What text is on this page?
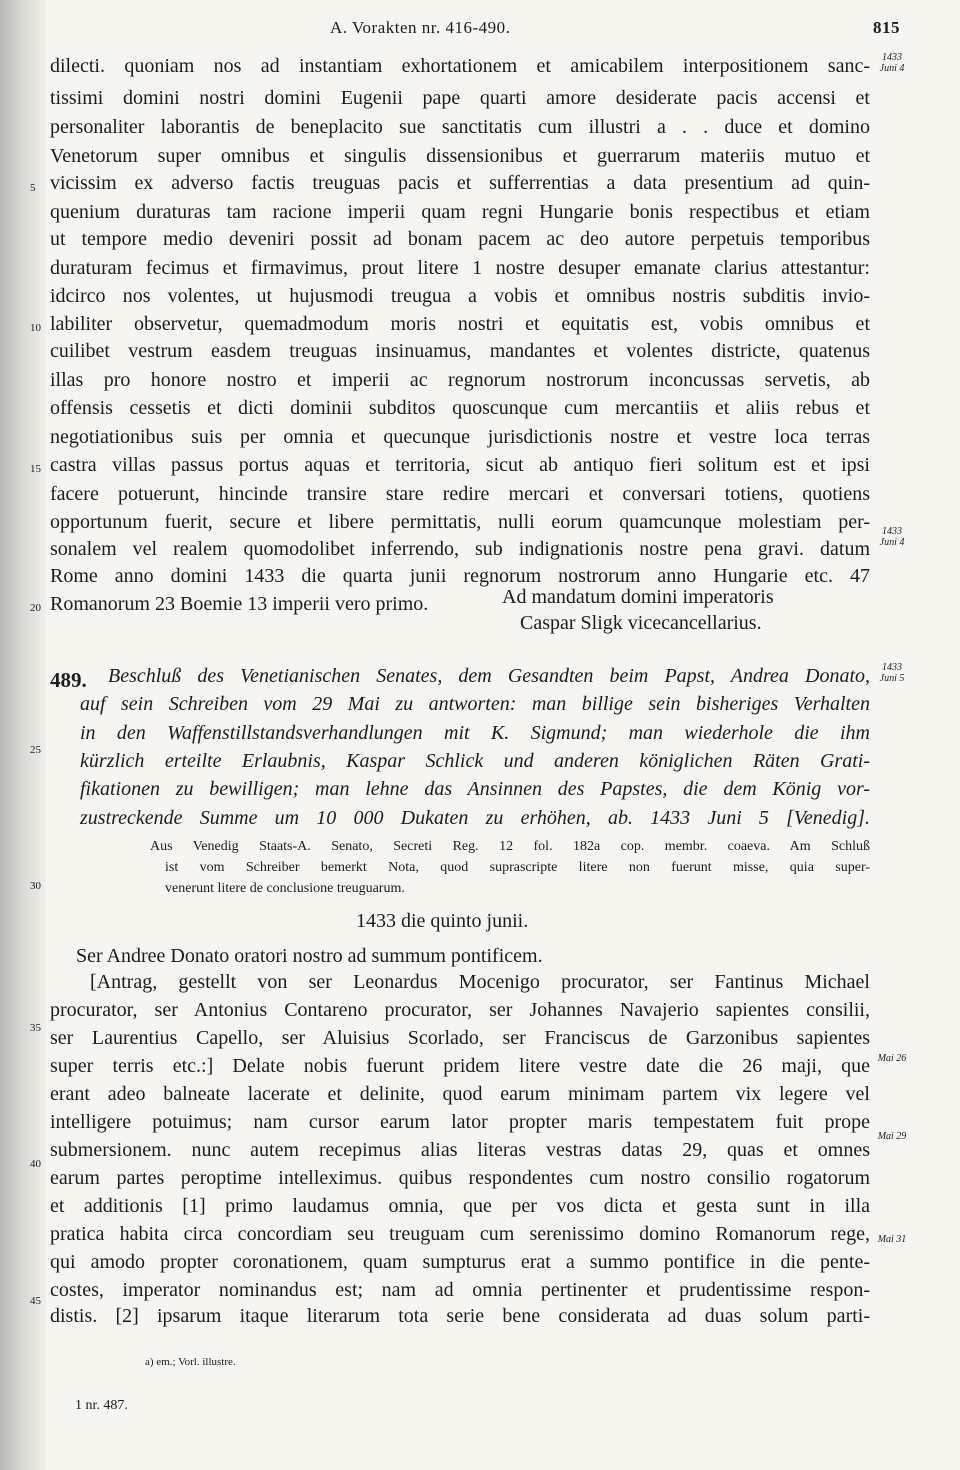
A. Vorakten nr. 416-490.	815
dilecti. quoniam nos ad instantiam exhortationem et amicabilem interpositionem sanc-
tissimi domini nostri domini Eugenii pape quarti amore desiderate pacis accensi et
personaliter laborantis de beneplacito sue sanctitatis cum illustri a . . duce et domino
Venetorum super omnibus et singulis dissensionibus et guerrarum materiis mutuo et
vicissim ex adverso factis treuguas pacis et sufferrentias a data presentium ad quin-
quenium duraturas tam racione imperii quam regni Hungarie bonis respectibus et etiam
ut tempore medio deveniri possit ad bonam pacem ac deo autore perpetuis temporibus
duraturam fecimus et firmavimus, prout litere 1 nostre desuper emanate clarius attestantur:
idcirco nos volentes, ut hujusmodi treugua a vobis et omnibus nostris subditis invio-
labiliter observetur, quemadmodum moris nostri et equitatis est, vobis omnibus et
cuilibet vestrum easdem treuguas insinuamus, mandantes et volentes districte, quatenus
illas pro honore nostro et imperii ac regnorum nostrorum inconcussas servetis, ab
offensis cessetis et dicti dominii subditos quoscunque cum mercantiis et aliis rebus et
negotiationibus suis per omnia et quecunque jurisdictionis nostre et vestre loca terras
castra villas passus portus aquas et territoria, sicut ab antiquo fieri solitum est et ipsi
facere potuerunt, hincinde transire stare redire mercari et conversari totiens, quotiens
opportunum fuerit, secure et libere permittatis, nulli eorum quamcunque molestiam per-
sonalem vel realem quomodolibet inferrendo, sub indignationis nostre pena gravi. datum
Rome anno domini 1433 die quarta junii regnorum nostrorum anno Hungarie etc. 47
Romanorum 23 Boemie 13 imperii vero primo.
5
10
15
20
25
30
35
40
45
1433
Juni 4
1433
Juni 4
1433
Juni 5
Mai 26
Mai 29
Mai 31
Ad mandatum domini imperatoris
Caspar Sligk vicecancellarius.
489. Beschluß des Venetianischen Senates, dem Gesandten beim Papst, Andrea Donato,
auf sein Schreiben vom 29 Mai zu antworten: man billige sein bisheriges Verhalten
in den Waffenstillstandsverhandlungen mit K. Sigmund; man wiederhole die ihm
kürzlich erteilte Erlaubnis, Kaspar Schlick und anderen königlichen Räten Grati-
fikationen zu bewilligen; man lehne das Ansinnen des Papstes, die dem König vor-
zustreckende Summe um 10 000 Dukaten zu erhöhen, ab. 1433 Juni 5 [Venedig].
Aus Venedig Staats-A. Senato, Secreti Reg. 12 fol. 182a cop. membr. coaeva. Am Schluß
ist vom Schreiber bemerkt Nota, quod suprascripte litere non fuerunt misse, quia super-
venerunt litere de conclusione treuguarum.
1433 die quinto junii.
Ser Andree Donato oratori nostro ad summum pontificem.
[Antrag, gestellt von ser Leonardus Mocenigo procurator, ser Fantinus Michael
procurator, ser Antonius Contareno procurator, ser Johannes Navajerio sapientes consilii,
ser Laurentius Capello, ser Aluisius Scorlado, ser Franciscus de Garzonibus sapientes
super terris etc.:] Delate nobis fuerunt pridem litere vestre date die 26 maji, que
erant adeo balneate lacerate et delinite, quod earum minimam partem vix legere vel
intelligere potuimus; nam cursor earum lator propter maris tempestatem fuit prope
submersionem. nunc autem recepimus alias literas vestras datas 29, quas et omnes
earum partes peroptime intelleximus. quibus respondentes cum nostro consilio rogatorum
et additionis [1] primo laudamus omnia, que per vos dicta et gesta sunt in illa
pratica habita circa concordiam seu treuguam cum serenissimo domino Romanorum rege,
qui amodo propter coronationem, quam sumpturus erat a summo pontifice in die pente-
costes, imperator nominandus est; nam ad omnia pertinenter et prudentissime respon-
distis. [2] ipsarum itaque literarum tota serie bene considerata ad duas solum parti-
a) em.; Vorl. illustre.
1 nr. 487.
